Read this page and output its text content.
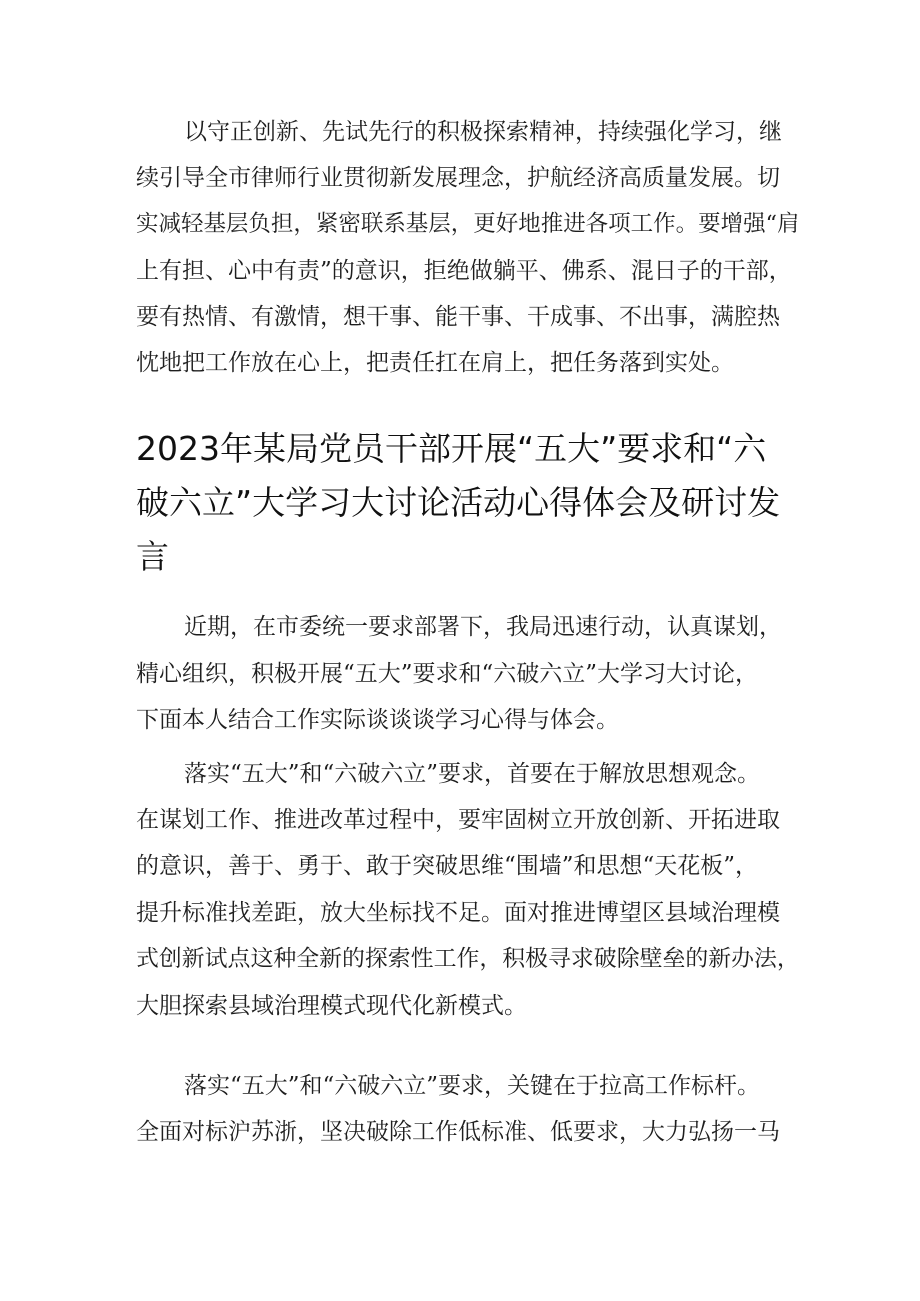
以守正创新、先试先行的积极探索精神，持续强化学习，继
续引导全市律师行业贯彻新发展理念，护航经济高质量发展。切
实减轻基层负担，紧密联系基层，更好地推进各项工作。要增强“肩
上有担、心中有责”的意识，拒绝做躺平、佛系、混日子的干部，
要有热情、有激情，想干事、能干事、干成事、不出事，满腔热
忱地把工作放在心上，把责任扛在肩上，把任务落到实处。
2023年某局党员干部开展“五大”要求和“六
破六立”大学习大讨论活动心得体会及研讨发
言
近期，在市委统一要求部署下，我局迅速行动，认真谋划，
精心组织，积极开展“五大”要求和“六破六立”大学习大讨论，
下面本人结合工作实际谈谈谈学习心得与体会。
落实“五大”和“六破六立”要求，首要在于解放思想观念。
在谋划工作、推进改革过程中，要牢固树立开放创新、开拓进取
的意识，善于、勇于、敢于突破思维“围墙”和思想“天花板”，
提升标准找差距，放大坐标找不足。面对推进博望区县域治理模
式创新试点这种全新的探索性工作，积极寻求破除壁垒的新办法，
大胆探索县域治理模式现代化新模式。
落实“五大”和“六破六立”要求，关键在于拉高工作标杆。
全面对标沪苏浙，坚决破除工作低标准、低要求，大力弘扬一马
